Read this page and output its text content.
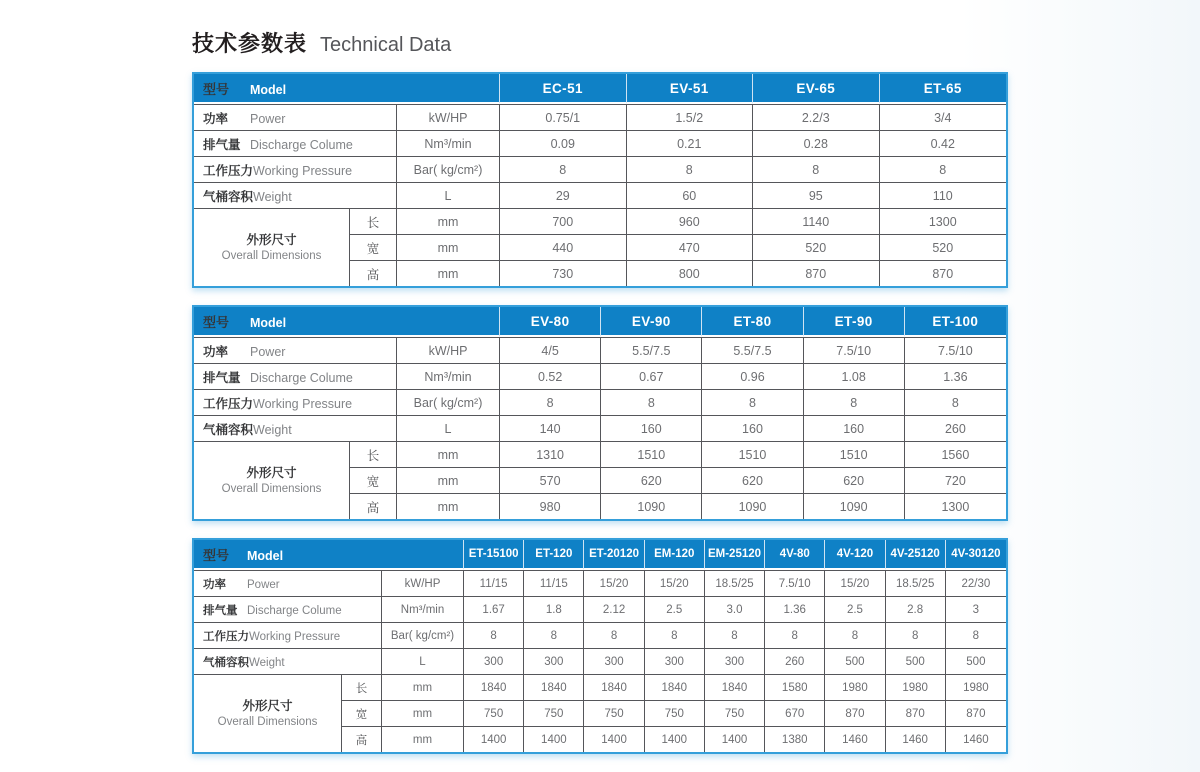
技术参数表 Technical Data
型号 Model			EC-51	EV-51	EV-65	ET-65
功率 Power		kW/HP	0.75/1	1.5/2	2.2/3	3/4
排气量 Discharge Colume		Nm³/min	0.09	0.21	0.28	0.42
工作压力Working Pressure		Bar( kg/cm²)	8	8	8	8
气桶容积Weight		L	29	60	95	110

外形尺寸
Overall Dimensions	长	mm	700	960	1140	1300
	宽	mm	440	470	520	520
	高	mm	730	800	870	870
型号 Model			EV-80	EV-90	ET-80	ET-90	ET-100
功率 Power		kW/HP	4/5	5.5/7.5	5.5/7.5	7.5/10	7.5/10
排气量 Discharge Colume		Nm³/min	0.52	0.67	0.96	1.08	1.36
工作压力Working Pressure		Bar( kg/cm²)	8	8	8	8	8
气桶容积Weight		L	140	160	160	160	260

外形尺寸
Overall Dimensions	长	mm	1310	1510	1510	1510	1560
	宽	mm	570	620	620	620	720
	高	mm	980	1090	1090	1090	1300
型号 Model			ET-15100	ET-120	ET-20120	EM-120	EM-25120	4V-80	4V-120	4V-25120	4V-30120
功率 Power		kW/HP	11/15	11/15	15/20	15/20	18.5/25	7.5/10	15/20	18.5/25	22/30
排气量 Discharge Colume		Nm³/min	1.67	1.8	2.12	2.5	3.0	1.36	2.5	2.8	3
工作压力Working Pressure		Bar( kg/cm²)	8	8	8	8	8	8	8	8	8
气桶容积Weight		L	300	300	300	300	300	260	500	500	500

外形尺寸
Overall Dimensions	长	mm	1840	1840	1840	1840	1840	1580	1980	1980	1980
	宽	mm	750	750	750	750	750	670	870	870	870
	高	mm	1400	1400	1400	1400	1400	1380	1460	1460	1460
